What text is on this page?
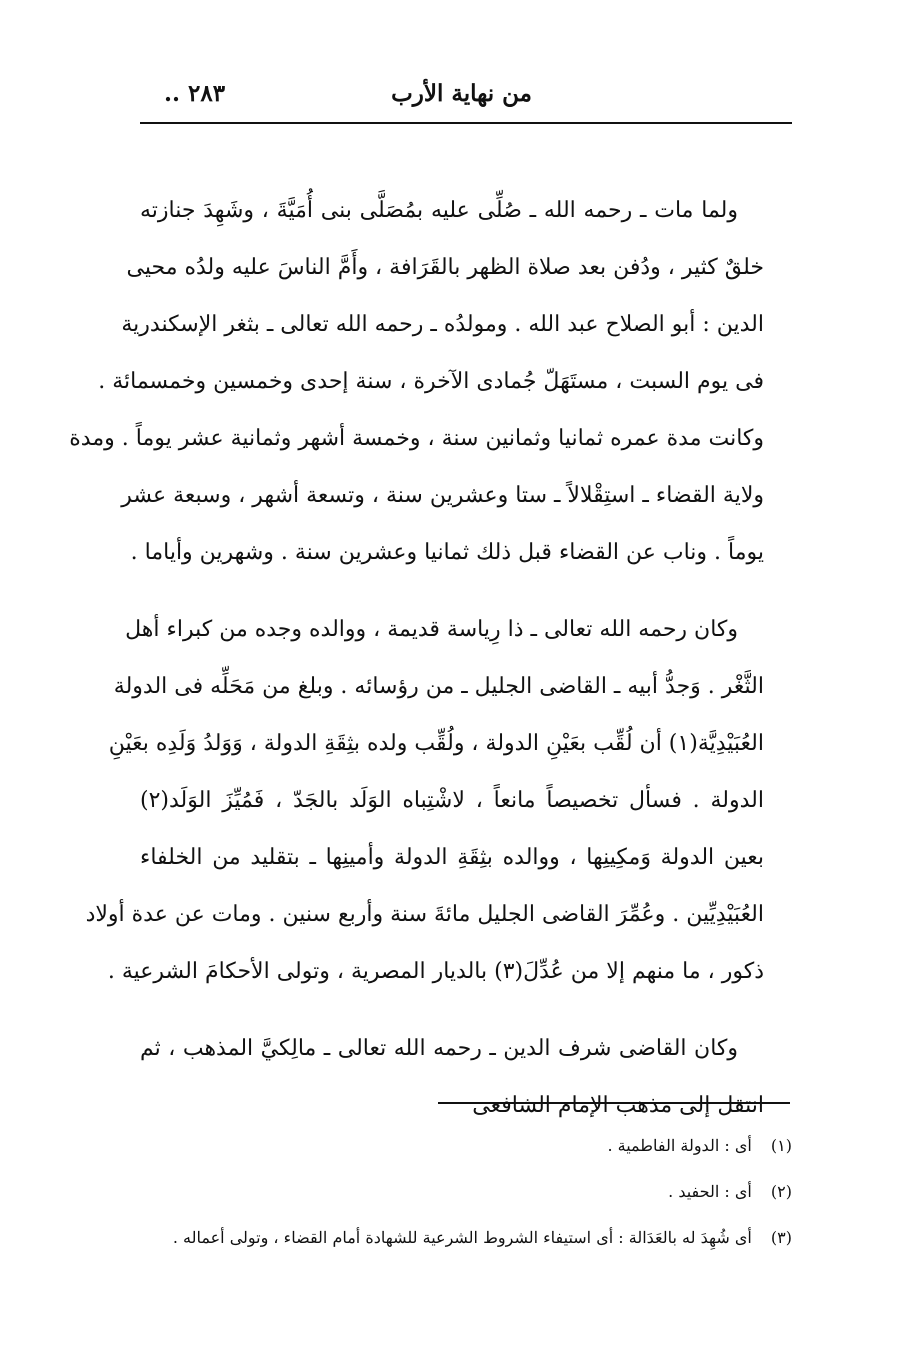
من نهاية الأرب
٢٨٣ ..
ولما مات ـ رحمه الله ـ صُلِّى عليه بمُصَلَّى بنى أُمَيَّةَ ، وشَهِدَ جنازته
خلقٌ كثير ، ودُفن بعد صلاة الظهر بالقَرَافة ، وأَمَّ الناسَ عليه ولدُه محيى
الدين : أبو الصلاح عبد الله . ومولدُه ـ رحمه الله تعالى ـ بثغر الإسكندرية
فى يوم السبت ، مستَهَلّ جُمادى الآخرة ، سنة إحدى وخمسين وخمسمائة .
وكانت مدة عمره ثمانيا وثمانين سنة ، وخمسة أشهر وثمانية عشر يوماً . ومدة
ولاية القضاء ـ استِقْلالاً ـ ستا وعشرين سنة ، وتسعة أشهر ، وسبعة عشر
يوماً . وناب عن القضاء قبل ذلك ثمانيا وعشرين سنة . وشهرين وأياما .
وكان رحمه الله تعالى ـ ذا رِياسة قديمة ، ووالده وجده من كبراء أهل
الثَّغْر . وَجدُّ أبيه ـ القاضى الجليل ـ من رؤسائه . وبلغ من مَحَلِّه فى الدولة
العُبَيْدِيَّة(١) أن لُقِّب بعَيْنِ الدولة ، ولُقِّب ولده بثِقَةِ الدولة ، وَوَلدُ وَلَدِه بعَيْنِ
الدولة . فسأل تخصيصاً مانعاً ، لاشْتِباه الوَلَد بالجَدّ ، فَمُيِّزَ الوَلَد(٢)
بعين الدولة وَمكِينِها ، ووالده بثِقَةِ الدولة وأمينِها ـ بتقليد من الخلفاء
العُبَيْدِيِّين . وعُمِّرَ القاضى الجليل مائةَ سنة وأربع سنين . ومات عن عدة أولاد
ذكور ، ما منهم إلا من عُدِّلَ(٣) بالديار المصرية ، وتولى الأحكامَ الشرعية .
وكان القاضى شرف الدين ـ رحمه الله تعالى ـ مالِكيَّ المذهب ، ثم
انتقل إلى مذهب الإمام الشافعى
(١) أى : الدولة الفاطمية .
(٢) أى : الحفيد .
(٣) أى شُهِدَ له بالعَدَالة : أى استيفاء الشروط الشرعية للشهادة أمام القضاء ، وتولى أعماله .
